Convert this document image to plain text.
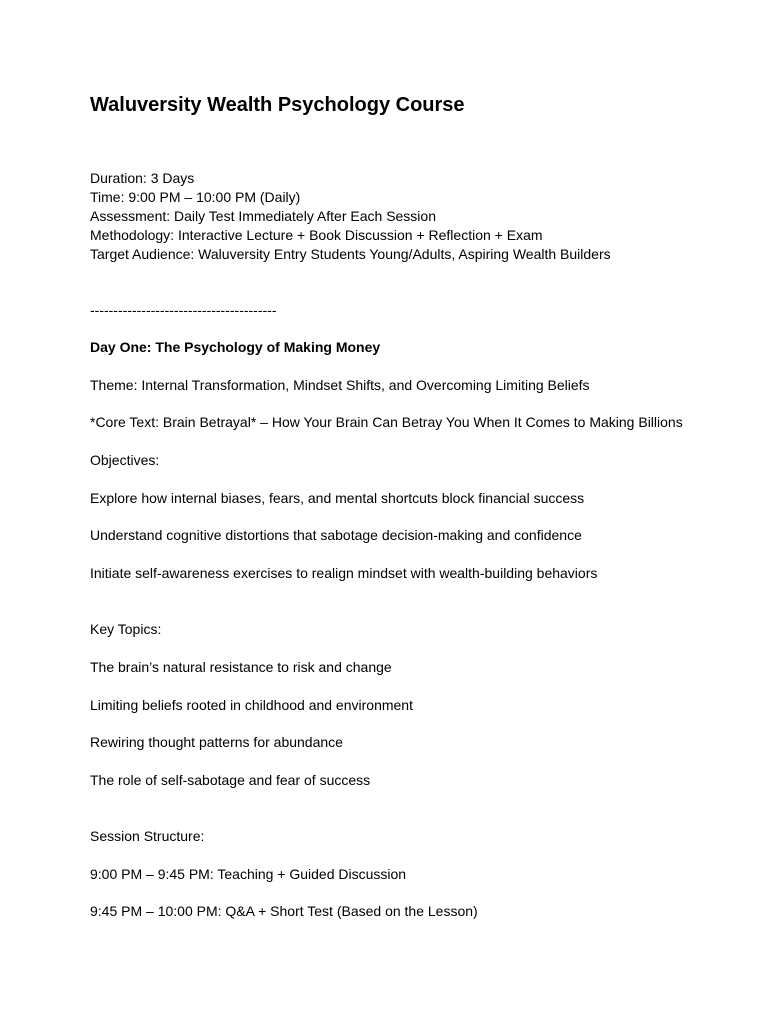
Waluversity Wealth Psychology Course

Duration: 3 Days

Time: 9:00 PM – 10:00 PM (Daily)

Assessment: Daily Test Immediately After Each Session

Methodology: Interactive Lecture + Book Discussion + Reflection + Exam

Target Audience: Waluversity Entry Students Young/Adults, Aspiring Wealth Builders

----------------------------------------

Day One: The Psychology of Making Money

Theme: Internal Transformation, Mindset Shifts, and Overcoming Limiting Beliefs

*Core Text: Brain Betrayal* – How Your Brain Can Betray You When It Comes to Making Billions

Objectives:

Explore how internal biases, fears, and mental shortcuts block financial success

Understand cognitive distortions that sabotage decision-making and confidence

Initiate self-awareness exercises to realign mindset with wealth-building behaviors

Key Topics:

The brain’s natural resistance to risk and change

Limiting beliefs rooted in childhood and environment

Rewiring thought patterns for abundance

The role of self-sabotage and fear of success

Session Structure:

9:00 PM – 9:45 PM: Teaching + Guided Discussion

9:45 PM – 10:00 PM: Q&A + Short Test (Based on the Lesson)
